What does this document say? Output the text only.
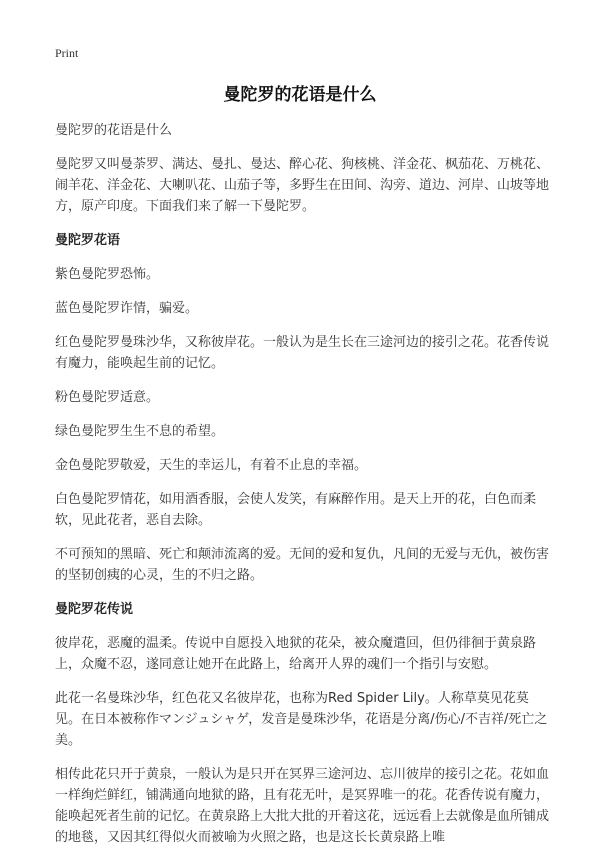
Print
曼陀罗的花语是什么

曼陀罗的花语是什么

曼陀罗又叫曼荼罗、满达、曼扎、曼达、醉心花、狗核桃、洋金花、枫茄花、万桃花、闹羊花、洋金花、大喇叭花、山茄子等，多野生在田间、沟旁、道边、河岸、山坡等地方，原产印度。下面我们来了解一下曼陀罗。

曼陀罗花语

紫色曼陀罗恐怖。

蓝色曼陀罗诈情，骗爱。

红色曼陀罗曼珠沙华，又称彼岸花。一般认为是生长在三途河边的接引之花。花香传说有魔力，能唤起生前的记忆。

粉色曼陀罗适意。

绿色曼陀罗生生不息的希望。

金色曼陀罗敬爱，天生的幸运儿，有着不止息的幸福。

白色曼陀罗情花，如用酒香服，会使人发笑，有麻醉作用。是天上开的花，白色而柔软，见此花者，恶自去除。

不可预知的黑暗、死亡和颠沛流离的爱。无间的爱和复仇，凡间的无爱与无仇，被伤害的坚韧创痍的心灵，生的不归之路。

曼陀罗花传说

彼岸花，恶魔的温柔。传说中自愿投入地狱的花朵，被众魔遣回，但仍徘徊于黄泉路上，众魔不忍，遂同意让她开在此路上，给离开人界的魂们一个指引与安慰。

此花一名曼珠沙华，红色花又名彼岸花，也称为Red Spider Lily。人称草莫见花莫见。在日本被称作マンジュシャゲ，发音是曼珠沙华，花语是分离/伤心/不吉祥/死亡之美。

相传此花只开于黄泉，一般认为是只开在冥界三途河边、忘川彼岸的接引之花。花如血一样绚烂鲜红，铺满通向地狱的路，且有花无叶，是冥界唯一的花。花香传说有魔力，能唤起死者生前的记忆。在黄泉路上大批大批的开着这花，远远看上去就像是血所铺成的地毯，又因其红得似火而被喻为火照之路，也是这长长黄泉路上唯
